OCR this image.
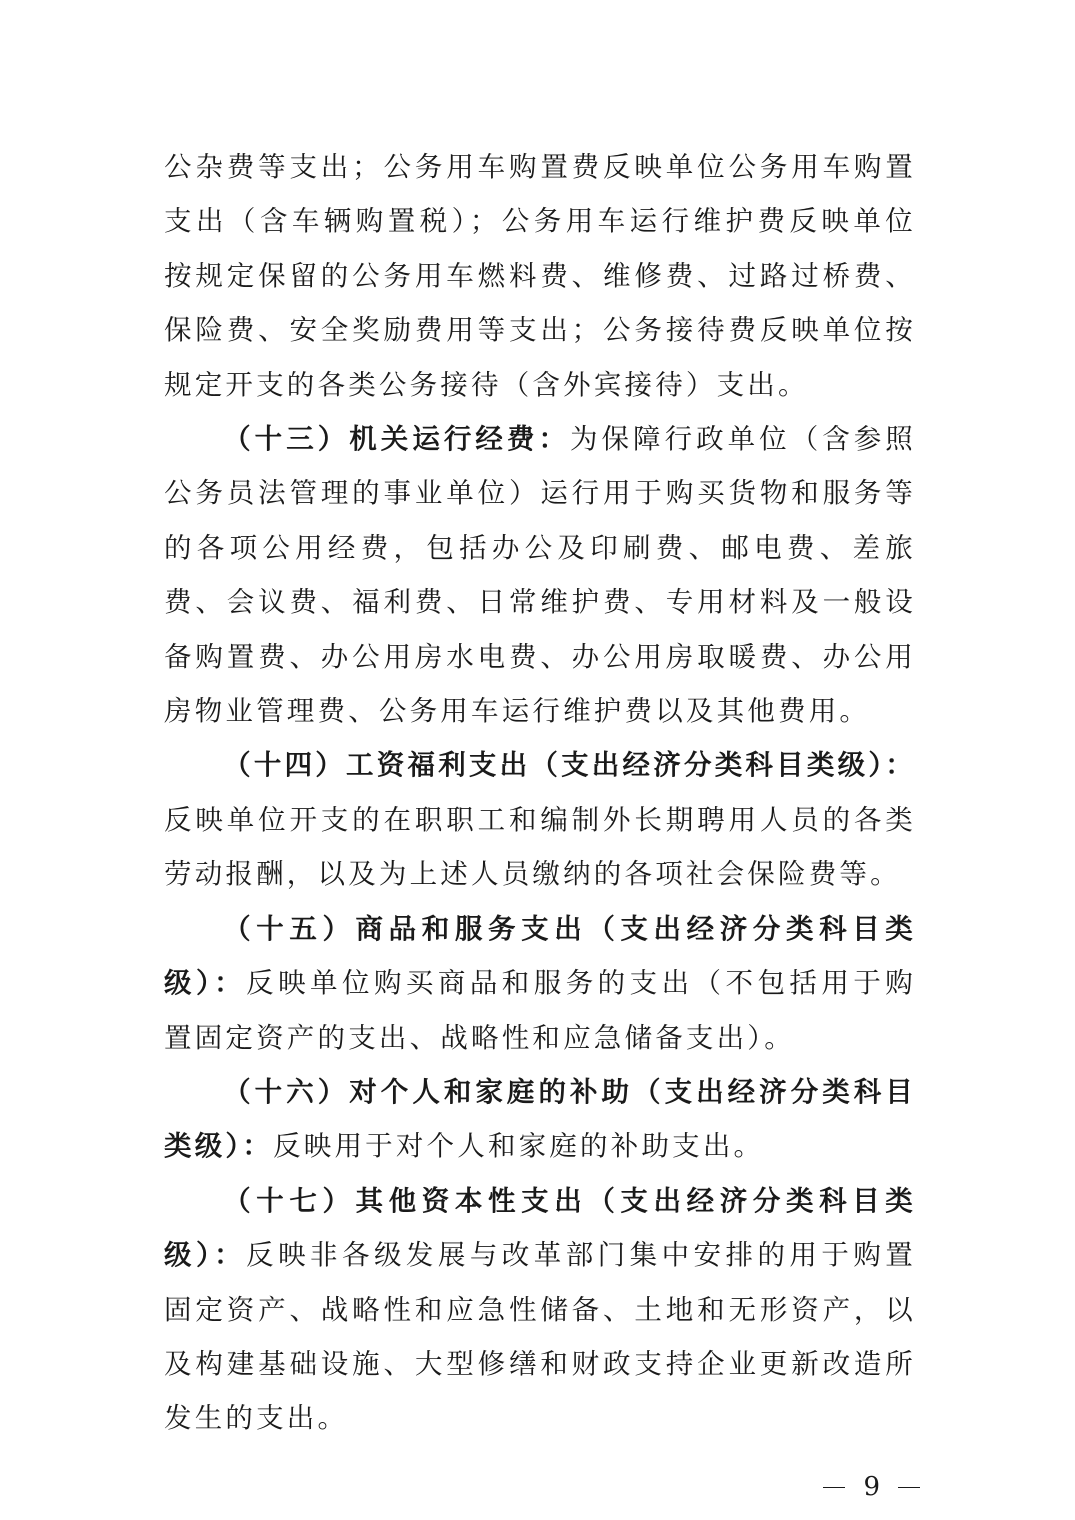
公杂费等支出；公务用车购置费反映单位公务用车购置支出（含车辆购置税）；公务用车运行维护费反映单位按规定保留的公务用车燃料费、维修费、过路过桥费、保险费、安全奖励费用等支出；公务接待费反映单位按规定开支的各类公务接待（含外宾接待）支出。

（十三）机关运行经费：为保障行政单位（含参照公务员法管理的事业单位）运行用于购买货物和服务等的各项公用经费，包括办公及印刷费、邮电费、差旅费、会议费、福利费、日常维护费、专用材料及一般设备购置费、办公用房水电费、办公用房取暖费、办公用房物业管理费、公务用车运行维护费以及其他费用。

（十四）工资福利支出（支出经济分类科目类级）：反映单位开支的在职职工和编制外长期聘用人员的各类劳动报酬，以及为上述人员缴纳的各项社会保险费等。

（十五）商品和服务支出（支出经济分类科目类级）：反映单位购买商品和服务的支出（不包括用于购置固定资产的支出、战略性和应急储备支出）。

（十六）对个人和家庭的补助（支出经济分类科目类级）：反映用于对个人和家庭的补助支出。

（十七）其他资本性支出（支出经济分类科目类级）：反映非各级发展与改革部门集中安排的用于购置固定资产、战略性和应急性储备、土地和无形资产，以及构建基础设施、大型修缮和财政支持企业更新改造所发生的支出。

9
